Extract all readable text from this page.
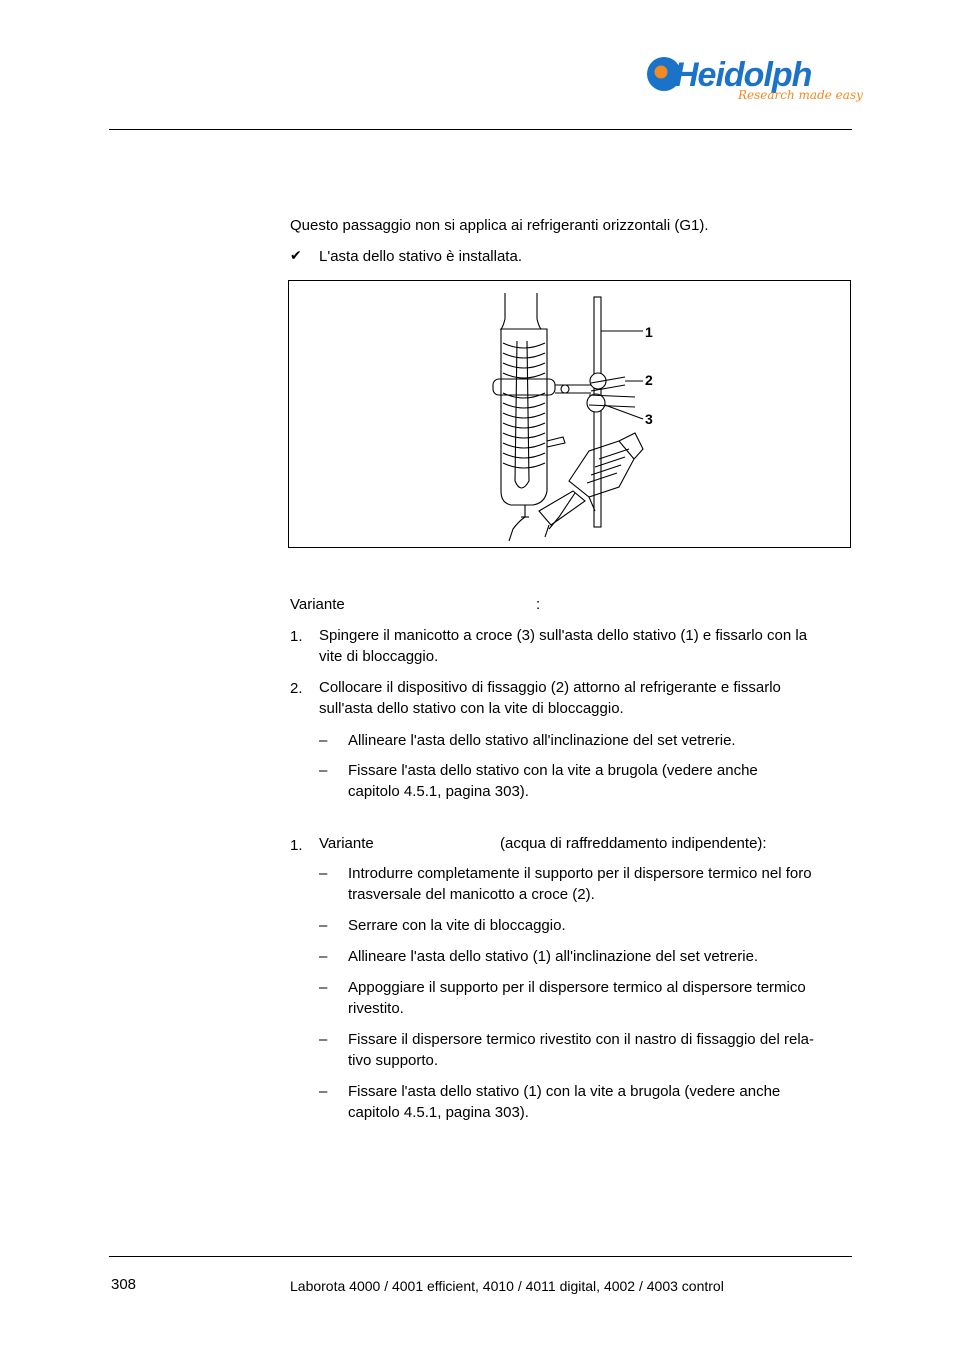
Heidolph
Research made easy
Questo passaggio non si applica ai refrigeranti orizzontali (G1).
✔ L'asta dello stativo è installata.
1
2
3
Variante	:
1. Spingere il manicotto a croce (3) sull'asta dello stativo (1) e fissarlo con la
vite di bloccaggio.
2. Collocare il dispositivo di fissaggio (2) attorno al refrigerante e fissarlo
sull'asta dello stativo con la vite di bloccaggio.
– Allineare l'asta dello stativo all'inclinazione del set vetrerie.
– Fissare l'asta dello stativo con la vite a brugola (vedere anche
capitolo 4.5.1, pagina 303).
1. Variante	(acqua di raffreddamento indipendente):
– Introdurre completamente il supporto per il dispersore termico nel foro
trasversale del manicotto a croce (2).
– Serrare con la vite di bloccaggio.
– Allineare l'asta dello stativo (1) all'inclinazione del set vetrerie.
– Appoggiare il supporto per il dispersore termico al dispersore termico
rivestito.
– Fissare il dispersore termico rivestito con il nastro di fissaggio del rela-
tivo supporto.
– Fissare l'asta dello stativo (1) con la vite a brugola (vedere anche
capitolo 4.5.1, pagina 303).
308	Laborota 4000 / 4001 efficient, 4010 / 4011 digital, 4002 / 4003 control
